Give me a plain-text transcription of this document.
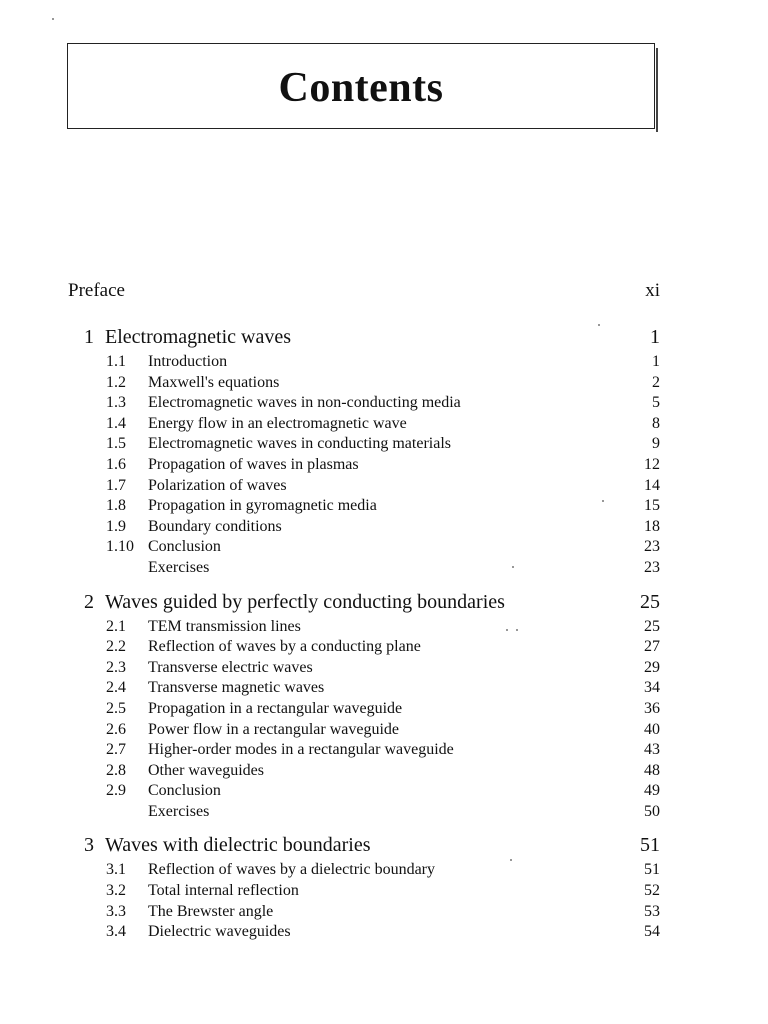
Contents
Preface	xi
1 Electromagnetic waves	1
1.1	Introduction	1
1.2	Maxwell's equations	2
1.3	Electromagnetic waves in non-conducting media	5
1.4	Energy flow in an electromagnetic wave	8
1.5	Electromagnetic waves in conducting materials	9
1.6	Propagation of waves in plasmas	12
1.7	Polarization of waves	14
1.8	Propagation in gyromagnetic media	15
1.9	Boundary conditions	18
1.10 Conclusion	23
Exercises	23
2 Waves guided by perfectly conducting boundaries	25
2.1	TEM transmission lines	25
2.2	Reflection of waves by a conducting plane	27
2.3	Transverse electric waves	29
2.4	Transverse magnetic waves	34
2.5	Propagation in a rectangular waveguide	36
2.6	Power flow in a rectangular waveguide	40
2.7	Higher-order modes in a rectangular waveguide	43
2.8	Other waveguides	48
2.9	Conclusion	49
Exercises	50
3 Waves with dielectric boundaries	51
3.1	Reflection of waves by a dielectric boundary	51
3.2	Total internal reflection	52
3.3	The Brewster angle	53
3.4	Dielectric waveguides	54
